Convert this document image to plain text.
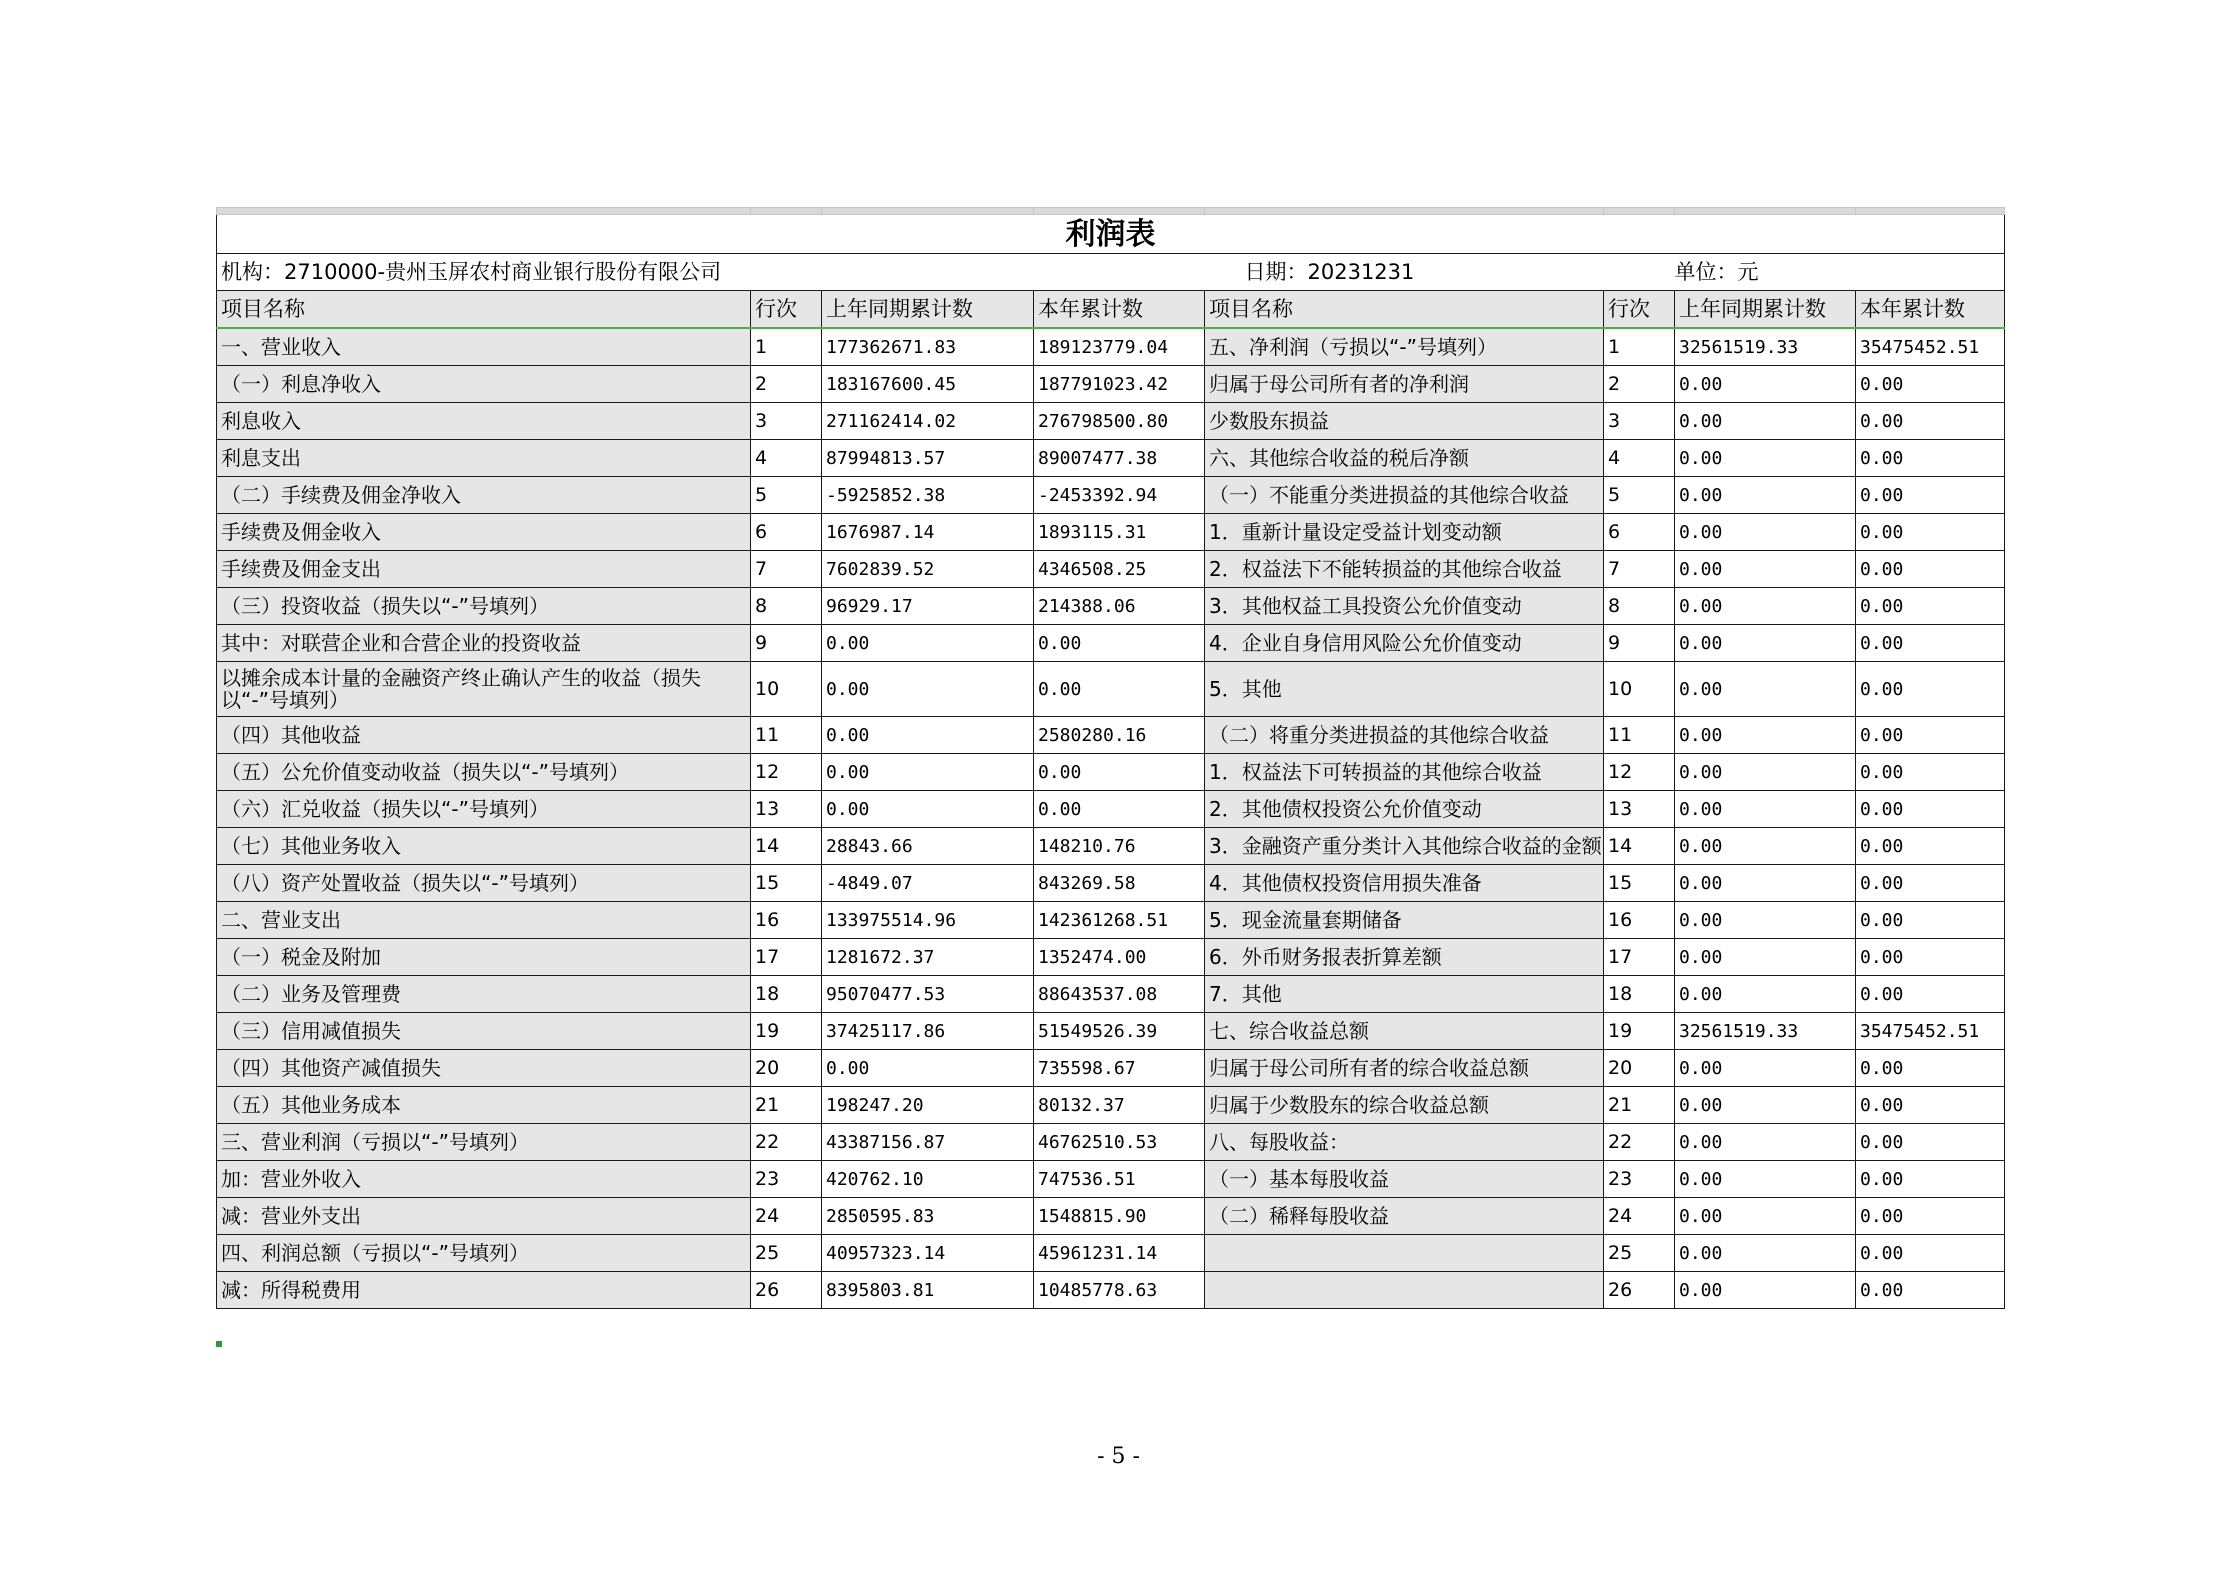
利润表							
机构：2710000-贵州玉屏农村商业银行股份有限公司				日期：20231231		单位：元	
项目名称	行次	上年同期累计数	本年累计数	项目名称	行次	上年同期累计数	本年累计数
一、营业收入	1	177362671.83	189123779.04	五、净利润（亏损以“-”号填列）	1	32561519.33	35475452.51
（一）利息净收入	2	183167600.45	187791023.42	归属于母公司所有者的净利润	2	0.00	0.00
利息收入	3	271162414.02	276798500.80	少数股东损益	3	0.00	0.00
利息支出	4	87994813.57	89007477.38	六、其他综合收益的税后净额	4	0.00	0.00
（二）手续费及佣金净收入	5	-5925852.38	-2453392.94	（一）不能重分类进损益的其他综合收益	5	0.00	0.00
手续费及佣金收入	6	1676987.14	1893115.31	1．重新计量设定受益计划变动额	6	0.00	0.00
手续费及佣金支出	7	7602839.52	4346508.25	2．权益法下不能转损益的其他综合收益	7	0.00	0.00
（三）投资收益（损失以“-”号填列）	8	96929.17	214388.06	3．其他权益工具投资公允价值变动	8	0.00	0.00
其中：对联营企业和合营企业的投资收益	9	0.00	0.00	4．企业自身信用风险公允价值变动	9	0.00	0.00
以摊余成本计量的金融资产终止确认产生的收益（损失以“-”号填列）	10	0.00	0.00	5．其他	10	0.00	0.00
（四）其他收益	11	0.00	2580280.16	（二）将重分类进损益的其他综合收益	11	0.00	0.00
（五）公允价值变动收益（损失以“-”号填列）	12	0.00	0.00	1．权益法下可转损益的其他综合收益	12	0.00	0.00
（六）汇兑收益（损失以“-”号填列）	13	0.00	0.00	2．其他债权投资公允价值变动	13	0.00	0.00
（七）其他业务收入	14	28843.66	148210.76	3．金融资产重分类计入其他综合收益的金额	14	0.00	0.00
（八）资产处置收益（损失以“-”号填列）	15	-4849.07	843269.58	4．其他债权投资信用损失准备	15	0.00	0.00
二、营业支出	16	133975514.96	142361268.51	5．现金流量套期储备	16	0.00	0.00
（一）税金及附加	17	1281672.37	1352474.00	6．外币财务报表折算差额	17	0.00	0.00
（二）业务及管理费	18	95070477.53	88643537.08	7．其他	18	0.00	0.00
（三）信用减值损失	19	37425117.86	51549526.39	七、综合收益总额	19	32561519.33	35475452.51
（四）其他资产减值损失	20	0.00	735598.67	归属于母公司所有者的综合收益总额	20	0.00	0.00
（五）其他业务成本	21	198247.20	80132.37	归属于少数股东的综合收益总额	21	0.00	0.00
三、营业利润（亏损以“-”号填列）	22	43387156.87	46762510.53	八、每股收益：	22	0.00	0.00
加：营业外收入	23	420762.10	747536.51	（一）基本每股收益	23	0.00	0.00
减：营业外支出	24	2850595.83	1548815.90	（二）稀释每股收益	24	0.00	0.00
四、利润总额（亏损以“-”号填列）	25	40957323.14	45961231.14		25	0.00	0.00
减：所得税费用	26	8395803.81	10485778.63		26	0.00	0.00
- 5 -
